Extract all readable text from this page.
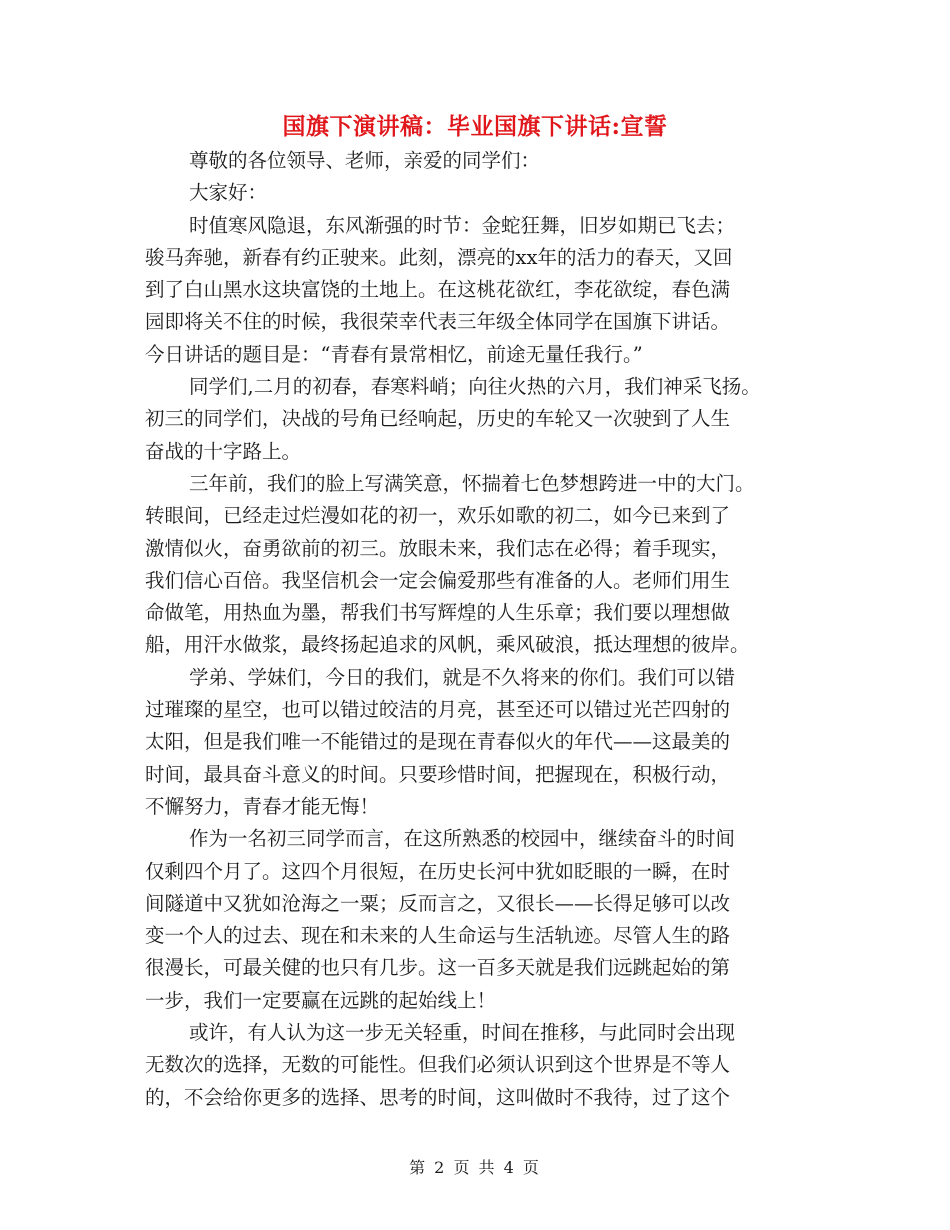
国旗下演讲稿：毕业国旗下讲话:宣誓
尊敬的各位领导、老师，亲爱的同学们：
大家好：
时值寒风隐退，东风渐强的时节：金蛇狂舞，旧岁如期已飞去；
骏马奔驰，新春有约正驶来。此刻，漂亮的xx年的活力的春天，又回
到了白山黑水这块富饶的土地上。在这桃花欲红，李花欲绽，春色满
园即将关不住的时候，我很荣幸代表三年级全体同学在国旗下讲话。
今日讲话的题目是：“青春有景常相忆，前途无量任我行。”
同学们,二月的初春，春寒料峭；向往火热的六月，我们神采飞扬。
初三的同学们，决战的号角已经响起，历史的车轮又一次驶到了人生
奋战的十字路上。
三年前，我们的脸上写满笑意，怀揣着七色梦想跨进一中的大门。
转眼间，已经走过烂漫如花的初一，欢乐如歌的初二，如今已来到了
激情似火，奋勇欲前的初三。放眼未来，我们志在必得；着手现实，
我们信心百倍。我坚信机会一定会偏爱那些有准备的人。老师们用生
命做笔，用热血为墨，帮我们书写辉煌的人生乐章；我们要以理想做
船，用汗水做浆，最终扬起追求的风帆，乘风破浪，抵达理想的彼岸。
学弟、学妹们，今日的我们，就是不久将来的你们。我们可以错
过璀璨的星空，也可以错过皎洁的月亮，甚至还可以错过光芒四射的
太阳，但是我们唯一不能错过的是现在青春似火的年代——这最美的
时间，最具奋斗意义的时间。只要珍惜时间，把握现在，积极行动，
不懈努力，青春才能无悔！
作为一名初三同学而言，在这所熟悉的校园中，继续奋斗的时间
仅剩四个月了。这四个月很短，在历史长河中犹如眨眼的一瞬，在时
间隧道中又犹如沧海之一粟；反而言之，又很长——长得足够可以改
变一个人的过去、现在和未来的人生命运与生活轨迹。尽管人生的路
很漫长，可最关健的也只有几步。这一百多天就是我们远跳起始的第
一步，我们一定要赢在远跳的起始线上！
或许，有人认为这一步无关轻重，时间在推移，与此同时会出现
无数次的选择，无数的可能性。但我们必须认识到这个世界是不等人
的，不会给你更多的选择、思考的时间，这叫做时不我待，过了这个
第 2 页 共 4 页
